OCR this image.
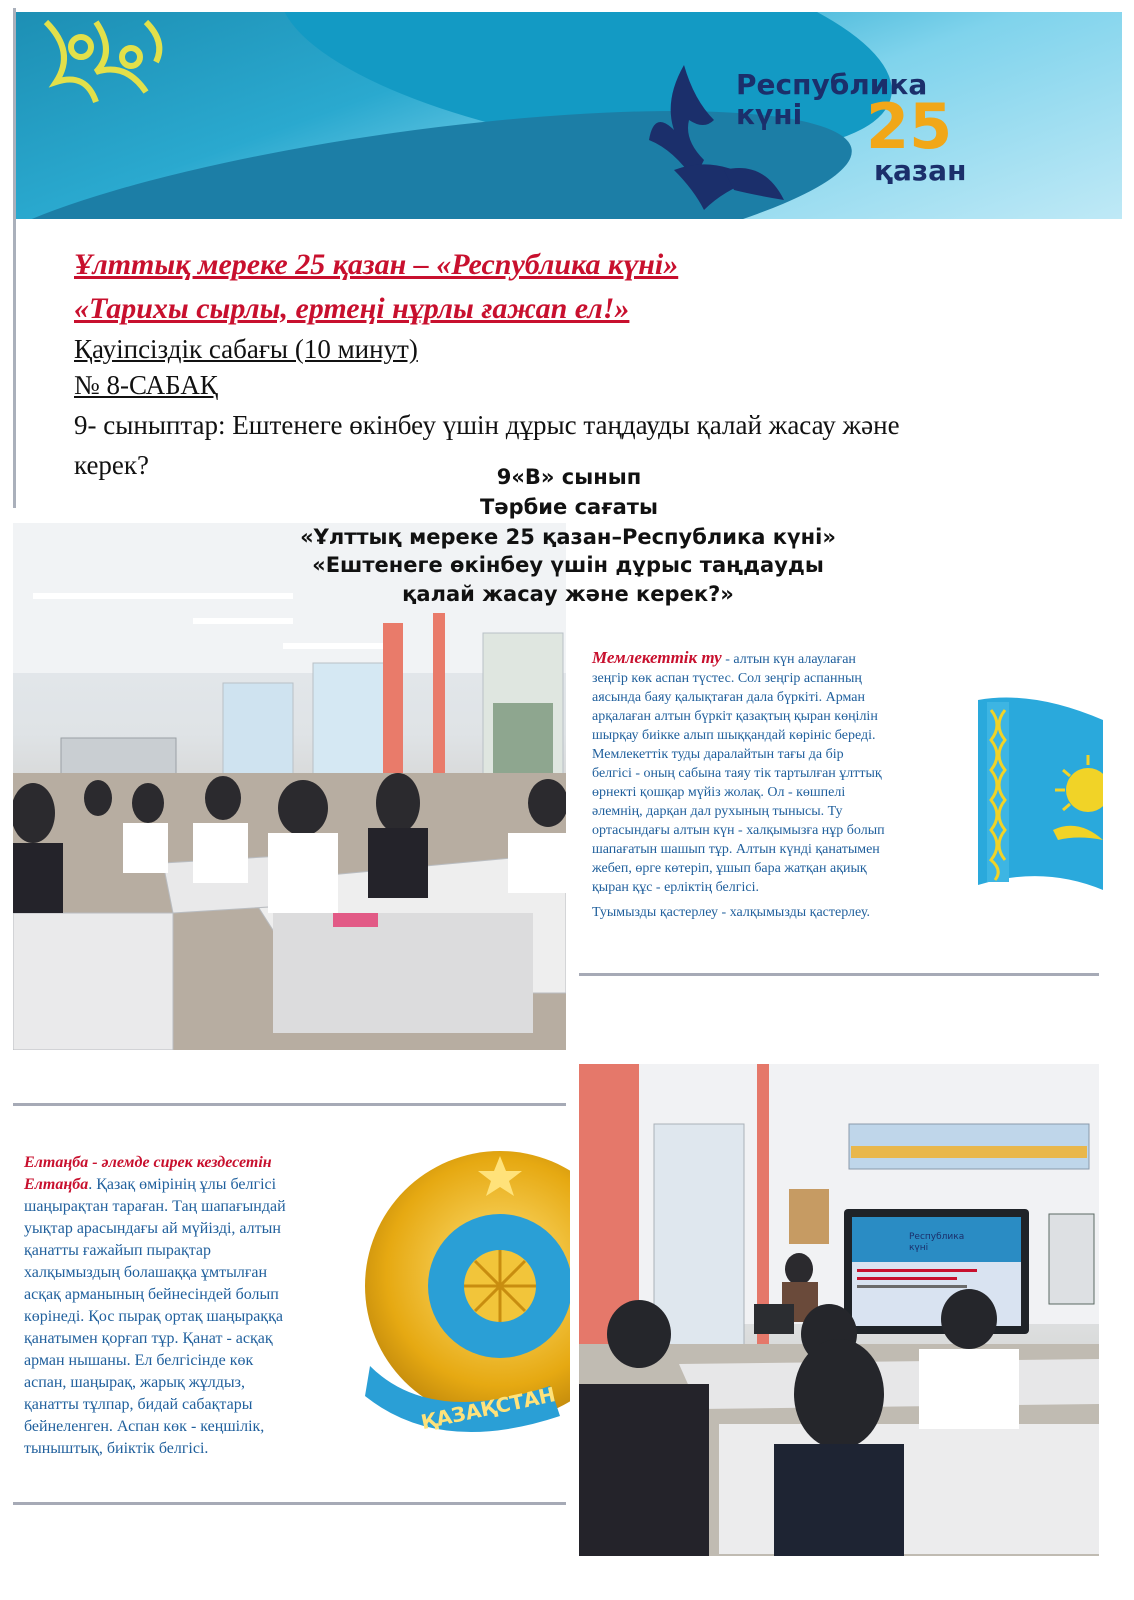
Республика
күні	25
қазан
Ұлттық мереке 25 қазан – «Республика күні»
«Тарихы сырлы, ертеңі нұрлы ғажап ел!»
Қауіпсіздік сабағы (10 минут)
№ 8-САБАҚ
9- сыныптар: Ештенеге өкінбеу үшін дұрыс таңдауды қалай жасау және
керек?	9«В» сынып
Тәрбие сағаты
«Ұлттық мереке 25 қазан–Республика күні»
«Ештенеге өкінбеу үшін дұрыс таңдауды
қалай жасау және керек?»
Мемлекеттік ту - алтын күн алаулаған
зеңгір көк аспан түстес. Сол зеңгір аспанның
аясында баяу қалықтаған дала бүркіті. Арман
арқалаған алтын бүркіт қазақтың қыран көңілін
шырқау биікке алып шыққандай көрініс береді.
Мемлекеттік туды даралайтын тағы да бір
белгісі - оның сабына таяу тік тартылған ұлттық
өрнекті қошқар мүйіз жолақ. Ол - көшпелі
әлемнің, дарқан дал рухының тынысы. Ту
ортасындағы алтын күн - халқымызға нұр болып
шапағатын шашып тұр. Алтын күнді қанатымен
жебеп, өрге көтеріп, ұшып бара жатқан ақиық
қыран құс - ерліктің белгісі.
Туымызды қастерлеу - халқымызды қастерлеу.
Елтаңба - әлемде сирек кездесетін
Елтаңба. Қазақ өмірінің ұлы белгісі
шаңырақтан тараған. Таң шапағындай
уықтар арасындағы ай мүйізді, алтын
қанатты ғажайып пырақтар
халқымыздың болашаққа ұмтылған
асқақ арманының бейнесіндей болып
көрінеді. Қос пырақ ортақ шаңыраққа
қанатымен қорғап тұр. Қанат - асқақ
арман нышаны. Ел белгісінде көк
аспан, шаңырақ, жарық жұлдыз,
қанатты тұлпар, бидай сабақтары
бейнеленген. Аспан көк - кеңшілік,
тыныштық, биіктік белгісі.
ҚАЗАҚСТАН
Республика
күні
